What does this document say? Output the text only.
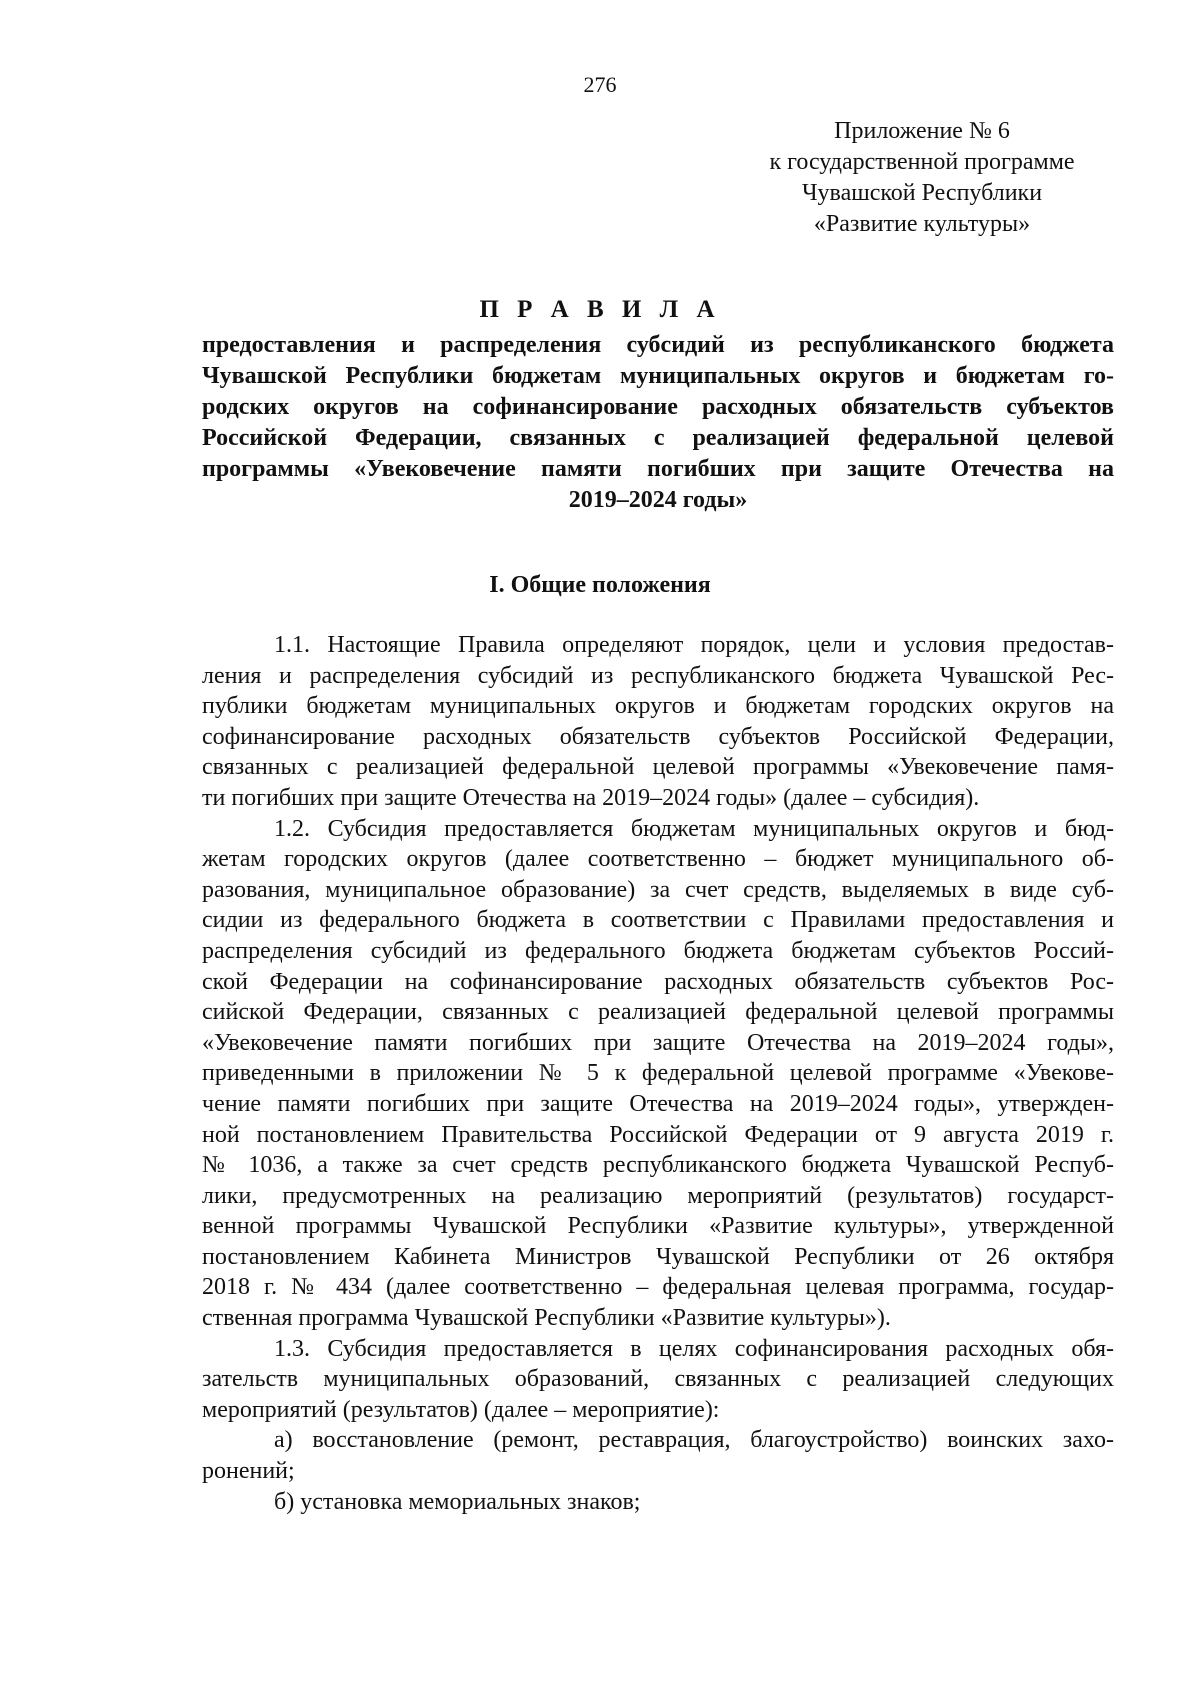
276
Приложение № 6
к государственной программе
Чувашской Республики
«Развитие культуры»
П Р А В И Л А
предоставления и распределения субсидий из республиканского бюджета
Чувашской Республики бюджетам муниципальных округов и бюджетам го-
родских округов на софинансирование расходных обязательств субъектов
Российской Федерации, связанных с реализацией федеральной целевой
программы «Увековечение памяти погибших при защите Отечества на
2019–2024 годы»
I. Общие положения
1.1. Настоящие Правила определяют порядок, цели и условия предостав-
ления и распределения субсидий из республиканского бюджета Чувашской Рес-
публики бюджетам муниципальных округов и бюджетам городских округов на
софинансирование расходных обязательств субъектов Российской Федерации,
связанных с реализацией федеральной целевой программы «Увековечение памя-
ти погибших при защите Отечества на 2019–2024 годы» (далее – субсидия).
1.2. Субсидия предоставляется бюджетам муниципальных округов и бюд-
жетам городских округов (далее соответственно – бюджет муниципального об-
разования, муниципальное образование) за счет средств, выделяемых в виде суб-
сидии из федерального бюджета в соответствии с Правилами предоставления и
распределения субсидий из федерального бюджета бюджетам субъектов Россий-
ской Федерации на софинансирование расходных обязательств субъектов Рос-
сийской Федерации, связанных с реализацией федеральной целевой программы
«Увековечение памяти погибших при защите Отечества на 2019–2024 годы»,
приведенными в приложении № 5 к федеральной целевой программе «Увекове-
чение памяти погибших при защите Отечества на 2019–2024 годы», утвержден-
ной постановлением Правительства Российской Федерации от 9 августа 2019 г.
№ 1036, а также за счет средств республиканского бюджета Чувашской Респуб-
лики, предусмотренных на реализацию мероприятий (результатов) государст-
венной программы Чувашской Республики «Развитие культуры», утвержденной
постановлением Кабинета Министров Чувашской Республики от 26 октября
2018 г. № 434 (далее соответственно – федеральная целевая программа, государ-
ственная программа Чувашской Республики «Развитие культуры»).
1.3. Субсидия предоставляется в целях софинансирования расходных обя-
зательств муниципальных образований, связанных с реализацией следующих
мероприятий (результатов) (далее – мероприятие):
а) восстановление (ремонт, реставрация, благоустройство) воинских захо-
ронений;
б) установка мемориальных знаков;
